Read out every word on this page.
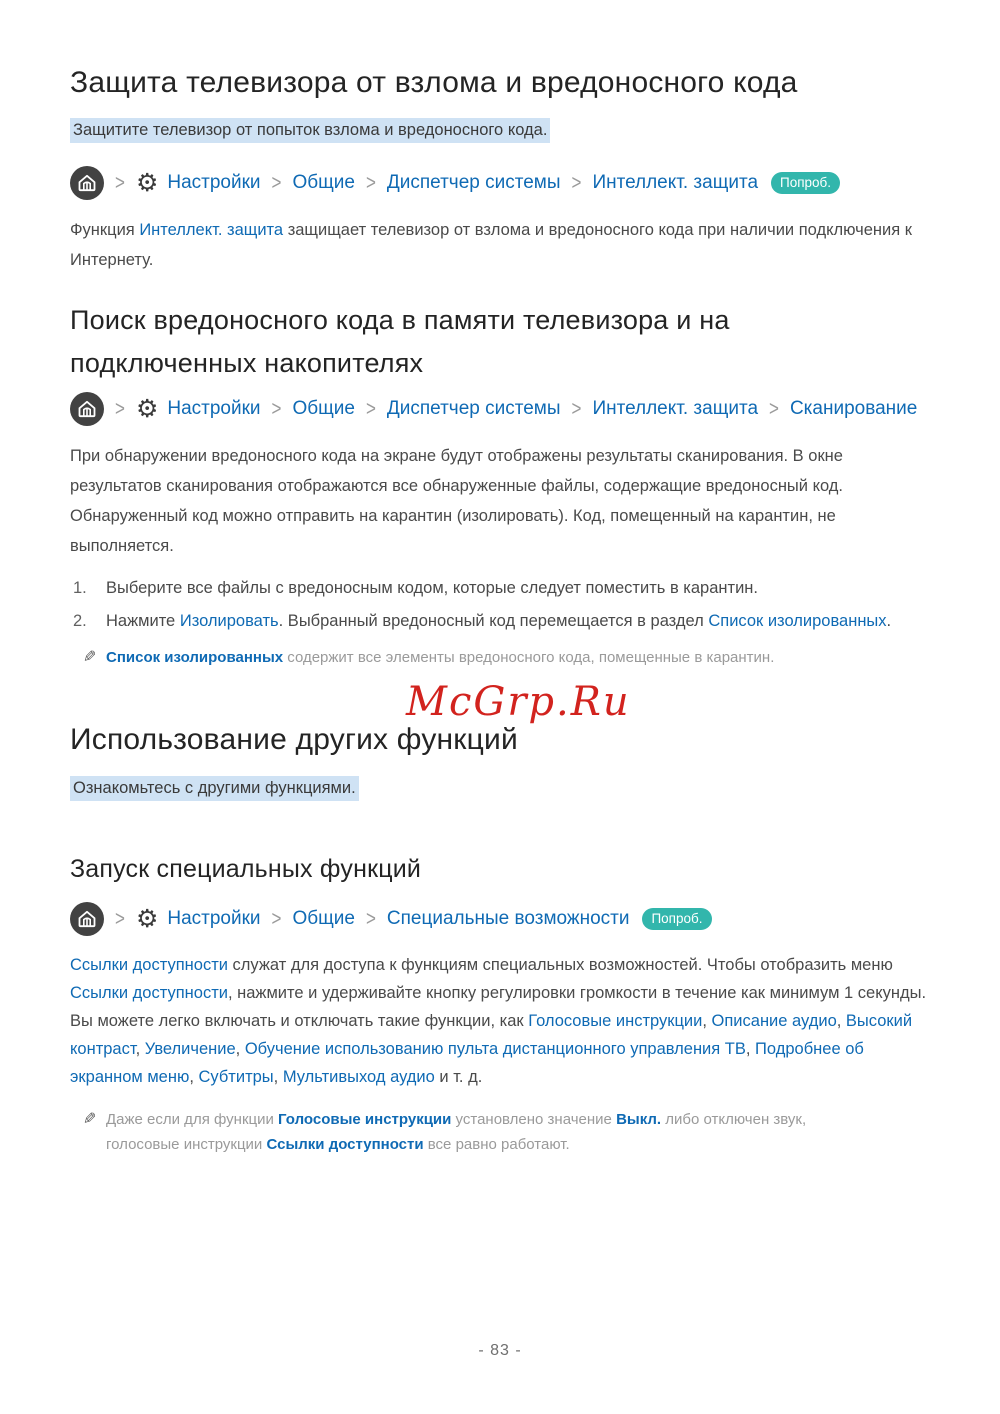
Защита телевизора от взлома и вредоносного кода
Защитите телевизор от попыток взлома и вредоносного кода.
> ⚙ Настройки > Общие > Диспетчер системы > Интеллект. защита	Попроб.

Функция Интеллект. защита защищает телевизор от взлома и вредоносного кода при наличии подключения к Интернету.

Поиск вредоносного кода в памяти телевизора и на подключенных накопителях
> ⚙ Настройки > Общие > Диспетчер системы > Интеллект. защита > Сканирование

При обнаружении вредоносного кода на экране будут отображены результаты сканирования. В окне результатов сканирования отображаются все обнаруженные файлы, содержащие вредоносный код. Обнаруженный код можно отправить на карантин (изолировать). Код, помещенный на карантин, не выполняется.

1.	Выберите все файлы с вредоносным кодом, которые следует поместить в карантин.
2.	Нажмите Изолировать. Выбранный вредоносный код перемещается в раздел Список изолированных.
✎ Список изолированных содержит все элементы вредоносного кода, помещенные в карантин.
Использование других функций
Ознакомьтесь с другими функциями.
Запуск специальных функций
> ⚙ Настройки > Общие > Специальные возможности	Попроб.

Ссылки доступности служат для доступа к функциям специальных возможностей. Чтобы отобразить меню Ссылки доступности, нажмите и удерживайте кнопку регулировки громкости в течение как минимум 1 секунды. Вы можете легко включать и отключать такие функции, как Голосовые инструкции, Описание аудио, Высокий контраст, Увеличение, Обучение использованию пульта дистанционного управления ТВ, Подробнее об экранном меню, Субтитры, Мультивыход аудио и т. д.

✎ Даже если для функции Голосовые инструкции установлено значение Выкл. либо отключен звук, голосовые инструкции Ссылки доступности все равно работают.
McGrp.Ru
- 83 -
